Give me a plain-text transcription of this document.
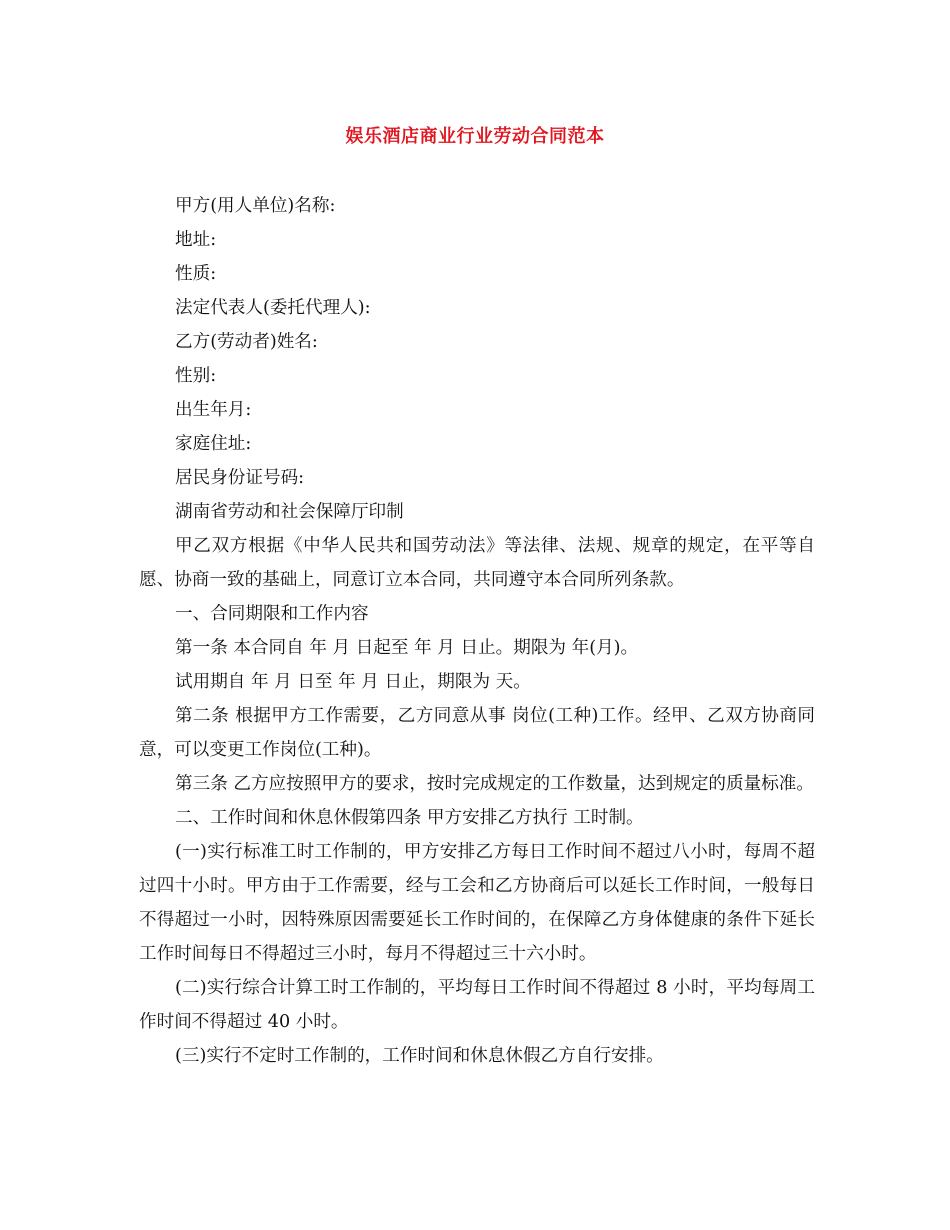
娱乐酒店商业行业劳动合同范本

甲方(用人单位)名称:

地址:

性质:

法定代表人(委托代理人):

乙方(劳动者)姓名:

性别:

出生年月:

家庭住址:

居民身份证号码:

湖南省劳动和社会保障厅印制

甲乙双方根据《中华人民共和国劳动法》等法律、法规、规章的规定，在平等自愿、协商一致的基础上，同意订立本合同，共同遵守本合同所列条款。

一、合同期限和工作内容

第一条 本合同自 年 月 日起至 年 月 日止。期限为 年(月)。

试用期自 年 月 日至 年 月 日止，期限为 天。

第二条 根据甲方工作需要，乙方同意从事 岗位(工种)工作。经甲、乙双方协商同意，可以变更工作岗位(工种)。

第三条 乙方应按照甲方的要求，按时完成规定的工作数量，达到规定的质量标准。

二、工作时间和休息休假第四条 甲方安排乙方执行 工时制。

(一)实行标准工时工作制的，甲方安排乙方每日工作时间不超过八小时，每周不超过四十小时。甲方由于工作需要，经与工会和乙方协商后可以延长工作时间，一般每日不得超过一小时，因特殊原因需要延长工作时间的，在保障乙方身体健康的条件下延长工作时间每日不得超过三小时，每月不得超过三十六小时。

(二)实行综合计算工时工作制的，平均每日工作时间不得超过 8 小时，平均每周工作时间不得超过 40 小时。

(三)实行不定时工作制的，工作时间和休息休假乙方自行安排。
